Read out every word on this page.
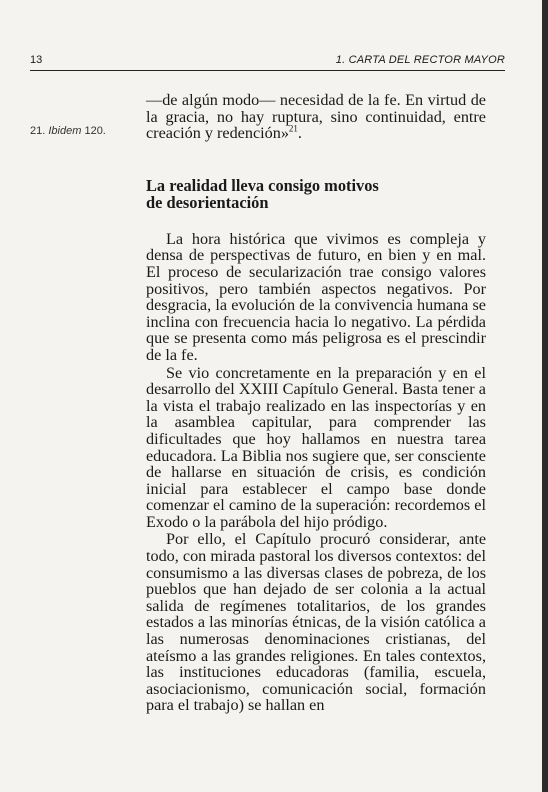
13	1. CARTA DEL RECTOR MAYOR
21. Ibidem 120.

—de algún modo— necesidad de la fe. En virtud de la gracia, no hay ruptura, sino continuidad, entre creación y redención»$^{21}$.

La realidad lleva consigo motivos
de desorientación

La hora histórica que vivimos es compleja y densa de perspectivas de futuro, en bien y en mal. El proceso de secularización trae consigo valores positivos, pero también aspectos negativos. Por desgracia, la evolución de la convivencia humana se inclina con frecuencia hacia lo negativo. La pérdida que se presenta como más peligrosa es el prescindir de la fe.

Se vio concretamente en la preparación y en el desarrollo del XXIII Capítulo General. Basta tener a la vista el trabajo realizado en las inspectorías y en la asamblea capitular, para comprender las dificultades que hoy hallamos en nuestra tarea educadora. La Biblia nos sugiere que, ser consciente de hallarse en situación de crisis, es condición inicial para establecer el campo base donde comenzar el camino de la superación: recordemos el Exodo o la parábola del hijo pródigo.

Por ello, el Capítulo procuró considerar, ante todo, con mirada pastoral los diversos contextos: del consumismo a las diversas clases de pobreza, de los pueblos que han dejado de ser colonia a la actual salida de regímenes totalitarios, de los grandes estados a las minorías étnicas, de la visión católica a las numerosas denominaciones cristianas, del ateísmo a las grandes religiones. En tales contextos, las instituciones educadoras (familia, escuela, asociacionismo, comunicación social, formación para el trabajo) se hallan en
